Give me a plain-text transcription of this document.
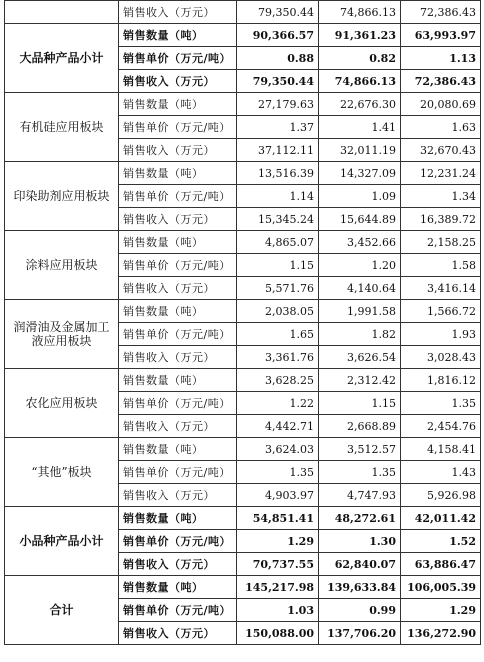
	销售收入（万元）	79,350.44	74,866.13	72,386.43
大品种产品小计	销售数量（吨）	90,366.57	91,361.23	63,993.97
	销售单价（万元/吨）	0.88	0.82	1.13
	销售收入（万元）	79,350.44	74,866.13	72,386.43
有机硅应用板块	销售数量（吨）	27,179.63	22,676.30	20,080.69
	销售单价（万元/吨）	1.37	1.41	1.63
	销售收入（万元）	37,112.11	32,011.19	32,670.43
印染助剂应用板块	销售数量（吨）	13,516.39	14,327.09	12,231.24
	销售单价（万元/吨）	1.14	1.09	1.34
	销售收入（万元）	15,345.24	15,644.89	16,389.72
涂料应用板块	销售数量（吨）	4,865.07	3,452.66	2,158.25
	销售单价（万元/吨）	1.15	1.20	1.58
	销售收入（万元）	5,571.76	4,140.64	3,416.14
润滑油及金属加工液应用板块	销售数量（吨）	2,038.05	1,991.58	1,566.72
	销售单价（万元/吨）	1.65	1.82	1.93
	销售收入（万元）	3,361.76	3,626.54	3,028.43
农化应用板块	销售数量（吨）	3,628.25	2,312.42	1,816.12
	销售单价（万元/吨）	1.22	1.15	1.35
	销售收入（万元）	4,442.71	2,668.89	2,454.76
“其他”板块	销售数量（吨）	3,624.03	3,512.57	4,158.41
	销售单价（万元/吨）	1.35	1.35	1.43
	销售收入（万元）	4,903.97	4,747.93	5,926.98
小品种产品小计	销售数量（吨）	54,851.41	48,272.61	42,011.42
	销售单价（万元/吨）	1.29	1.30	1.52
	销售收入（万元）	70,737.55	62,840.07	63,886.47
合计	销售数量（吨）	145,217.98	139,633.84	106,005.39
	销售单价（万元/吨）	1.03	0.99	1.29
	销售收入（万元）	150,088.00	137,706.20	136,272.90
